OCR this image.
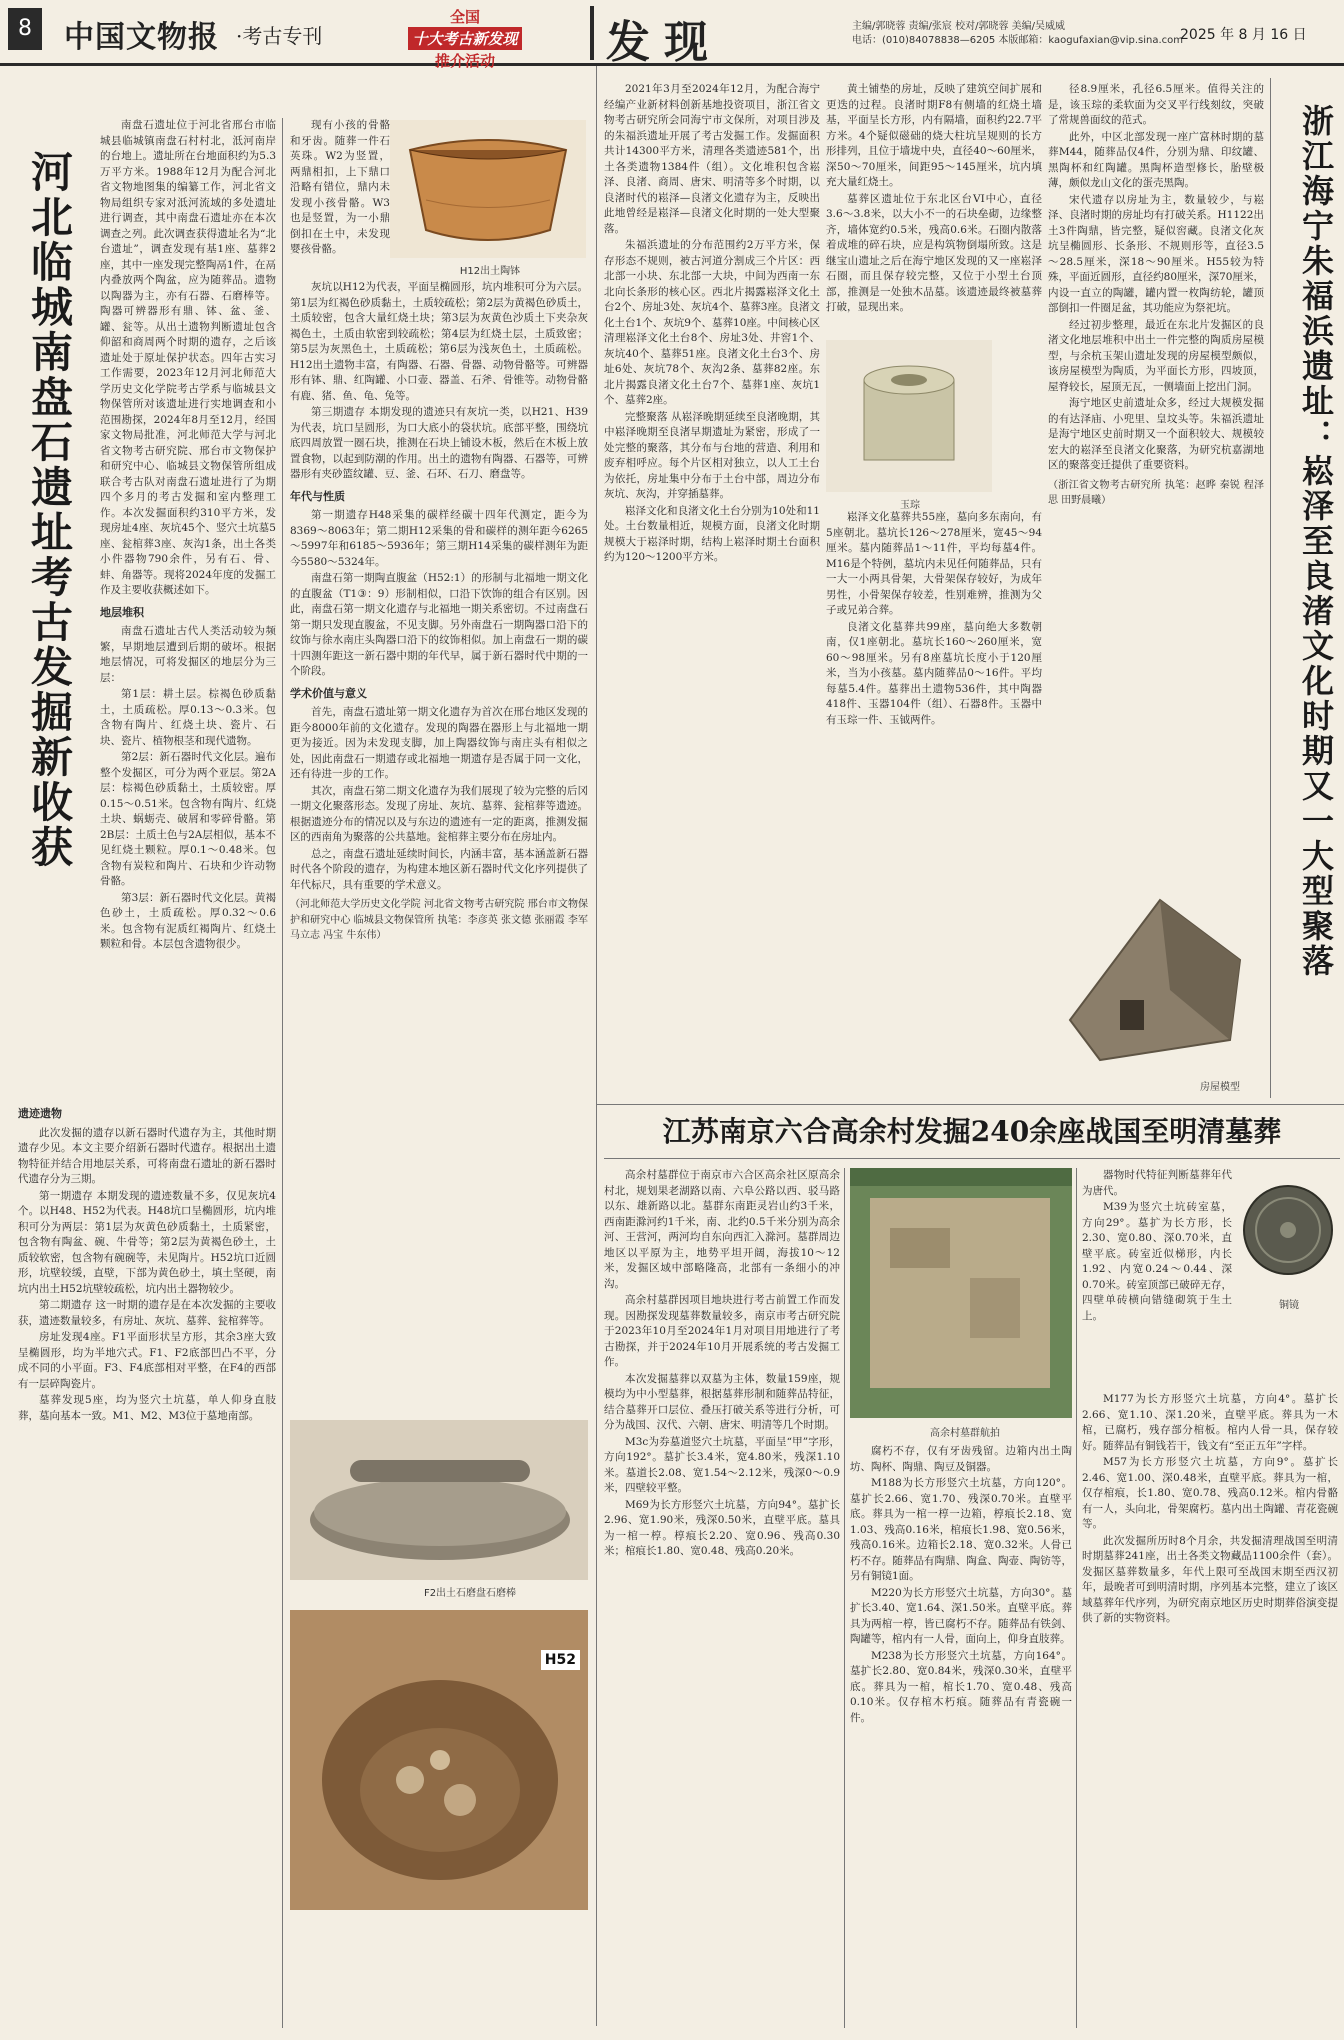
8	中国文物报 ·考古专刊
全国
十大考古新发现
推介活动	发现	主编/郭晓蓉 责编/张宸 校对/郭晓蓉 美编/吴威威
电话：(010)84078838—6205 本版邮箱：kaogufaxian@vip.sina.com
2025 年 8 月 16 日
河北临城南盘石遗址考古发掘新收获

南盘石遗址位于河北省邢台市临城县临城镇南盘石村村北，泜河南岸的台地上。遗址所在台地面积约为5.3万平方米。1988年12月为配合河北省文物地图集的编纂工作，河北省文物局组织专家对泜河流域的多处遗址进行调查，其中南盘石遗址亦在本次调查之列。此次调查获得遗址名为“北台遗址”，调查发现有基1座、墓葬2座，其中一座发现完整陶鬲1件，在鬲内叠放两个陶盆，应为随葬品。遗物以陶器为主，亦有石器、石磨棒等。陶器可辨器形有鼎、钵、盆、釜、罐、瓮等。从出土遗物判断遗址包含仰韶和商周两个时期的遗存，之后该遗址处于原址保护状态。四年古实习工作需要，2023年12月河北师范大学历史文化学院考古学系与临城县文物保管所对该遗址进行实地调查和小范围勘探，2024年8月至12月，经国家文物局批准，河北师范大学与河北省文物考古研究院、邢台市文物保护和研究中心、临城县文物保管所组成联合考古队对南盘石遗址进行了为期四个多月的考古发掘和室内整理工作。本次发掘面积约310平方米，发现房址4座、灰坑45个、竖穴土坑墓5座、瓮棺葬3座、灰沟1条，出土各类小件器物790余件，另有石、骨、蚌、角器等。现将2024年度的发掘工作及主要收获概述如下。

地层堆积

南盘石遗址古代人类活动较为频繁，早期地层遭到后期的破坏。根据地层情况，可将发掘区的地层分为三层：

第1层：耕土层。棕褐色砂质黏土，土质疏松。厚0.13～0.3米。包含物有陶片、红烧土块、瓷片、石块、瓷片、植物根茎和现代遗物。

第2层：新石器时代文化层。遍布整个发掘区，可分为两个亚层。第2A层：棕褐色砂质黏土，土质较密。厚0.15～0.51米。包含物有陶片、红烧土块、蜗蛎壳、破屑和零碎骨骼。第2B层：土质土色与2A层相似，基本不见红烧土颗粒。厚0.1～0.48米。包含物有炭粒和陶片、石块和少许动物骨骼。

第3层：新石器时代文化层。黄褐色砂土，土质疏松。厚0.32～0.6米。包含物有泥质红褐陶片、红烧土颗粒和骨。本层包含遗物很少。

遗迹遗物

此次发掘的遗存以新石器时代遗存为主，其他时期遗存少见。本文主要介绍新石器时代遗存。根据出土遗物特征并结合用地层关系，可将南盘石遗址的新石器时代遗存分为三期。

第一期遗存 本期发现的遗迹数量不多，仅见灰坑4个。以H48、H52为代表。H48坑口呈椭圆形，坑内堆积可分为两层：第1层为灰黄色砂质黏土，土质紧密，包含物有陶盆、碗、牛骨等；第2层为黄褐色砂土，土质较软密，包含物有碗碗等，未见陶片。H52坑口近圆形，坑壁较缓，直壁，下部为黄色砂土，填土坚硬，南坑内出土H52坑壁较疏松，坑内出土器物较少。

第二期遗存 这一时期的遗存是在本次发掘的主要收获，遗迹数量较多，有房址、灰坑、墓葬、瓮棺葬等。

房址发现4座。F1平面形状呈方形，其余3座大致呈椭圆形，均为半地穴式。F1、F2底部凹凸不平，分成不同的小平面。F3、F4底部相对平整，在F4的西部有一层碎陶瓷片。

墓葬发现5座，均为竖穴土坑墓，单人仰身直肢葬，墓向基本一致。M1、M2、M3位于墓地南部。

H12出土陶钵

现有小孩的骨骼和牙齿。随葬一件石英珠。W2为竖置，两鼎相扣，上下鼎口沿略有错位，鼎内未发现小孩骨骼。W3也是竖置，为一小鼎倒扣在土中，未发现婴孩骨骼。

灰坑以H12为代表，平面呈椭圆形，坑内堆积可分为六层。第1层为红褐色砂质黏土，土质较疏松；第2层为黄褐色砂质土，土质较密，包含大量红烧土块；第3层为灰黄色沙质土下夹杂灰褐色土，土质由软密到较疏松；第4层为红烧土层，土质致密；第5层为灰黑色土，土质疏松；第6层为浅灰色土，土质疏松。H12出土遗物丰富，有陶器、石器、骨器、动物骨骼等。可辨器形有钵、鼎、红陶罐、小口壶、器盖、石斧、骨锥等。动物骨骼有鹿、猪、鱼、龟、兔等。

第三期遗存 本期发现的遗迹只有灰坑一类，以H21、H39为代表，坑口呈圆形，为口大底小的袋状坑。底部平整，围绕坑底四周放置一圈石块，推测在石块上铺设木板，然后在木板上放置食物，以起到防潮的作用。出土的遗物有陶器、石器等，可辨器形有夹砂篮纹罐、豆、釜、石环、石刀、磨盘等。

年代与性质

第一期遗存H48采集的碳样经碳十四年代测定，距今为8369～8063年；第二期H12采集的骨和碳样的测年距今6265～5997年和6185～5936年；第三期H14采集的碳样测年为距今5580～5324年。

南盘石第一期陶直腹盆（H52:1）的形制与北福地一期文化的直腹盆（T1③：9）形制相似，口沿下饮饰的组合有区别。因此，南盘石第一期文化遗存与北福地一期关系密切。不过南盘石第一期只发现直腹盆，不见支脚。另外南盘石一期陶器口沿下的纹饰与徐水南庄头陶器口沿下的纹饰相似。加上南盘石一期的碳十四测年距这一新石器中期的年代早，属于新石器时代中期的一个阶段。

学术价值与意义

首先，南盘石遗址第一期文化遗存为首次在邢台地区发现的距今8000年前的文化遗存。发现的陶器在器形上与北福地一期更为接近。因为未发现支脚，加上陶器纹饰与南庄头有相似之处，因此南盘石一期遗存或北福地一期遗存是否属于同一文化，还有待进一步的工作。

其次，南盘石第二期文化遗存为我们展现了较为完整的后冈一期文化聚落形态。发现了房址、灰坑、墓葬、瓮棺葬等遗迹。根据遗迹分布的情况以及与东边的遗迹有一定的距离，推测发掘区的西南角为聚落的公共墓地。瓮棺葬主要分布在房址内。

总之，南盘石遗址延续时间长，内涵丰富，基本涵盖新石器时代各个阶段的遗存，为构建本地区新石器时代文化序列提供了年代标尺，具有重要的学术意义。

（河北师范大学历史文化学院 河北省文物考古研究院 邢台市文物保护和研究中心 临城县文物保管所 执笔：李彦英 张文德 张丽霞 李军 马立志 冯宝 牛东伟）

F2出土石磨盘石磨棒
H52

2021年3月至2024年12月，为配合海宁经编产业新材料创新基地投资项目，浙江省文物考古研究所会同海宁市文保所，对项目涉及的朱福浜遗址开展了考古发掘工作。发掘面积共计14300平方米，清理各类遗迹581个，出土各类遗物1384件（组）。文化堆积包含崧泽、良渚、商周、唐宋、明清等多个时期，以良渚时代的崧泽—良渚文化遗存为主，反映出此地曾经是崧泽—良渚文化时期的一处大型聚落。

朱福浜遗址的分布范围约2万平方米，保存形态不规则，被古河道分割成三个片区：西北部一小块、东北部一大块，中间为西南一东北向长条形的核心区。西北片揭露崧泽文化土台2个、房址3处、灰坑4个、墓葬3座。良渚文化土台1个、灰坑9个、墓葬10座。中间核心区清理崧泽文化土台8个、房址3处、井窖1个、灰坑40个、墓葬51座。良渚文化土台3个、房址6处、灰坑78个、灰沟2条、墓葬82座。东北片揭露良渚文化土台7个、墓葬1座、灰坑1个、墓葬2座。

完整聚落 从崧泽晚期延续至良渚晚期，其中崧泽晚期至良渚早期遗址为紧密，形成了一处完整的聚落，其分布与台地的营造、利用和废弃相呼应。每个片区相对独立，以人工土台为依托，房址集中分布于土台中部，周边分布灰坑、灰沟，并穿插墓葬。

崧泽文化和良渚文化土台分别为10处和11处。土台数量相近，规模方面，良渚文化时期规模大于崧泽时期，结构上崧泽时期土台面积约为120～1200平方米。

玉琮

黄土铺垫的房址，反映了建筑空间扩展和更迭的过程。良渚时期F8有侧墙的红烧土墙基，平面呈长方形，内有隔墙，面积约22.7平方米。4个疑似磁础的烧大柱坑呈规则的长方形排列，且位于墙垅中央，直径40～60厘米，深50～70厘米，间距95～145厘米，坑内填充大量红烧土。

墓葬区遗址位于东北区台VI中心，直径3.6～3.8米，以大小不一的石块垒砌，边缘整齐，墙体宽约0.5米，残高0.6米。石圈内散落着成堆的碎石块，应是构筑物倒塌所致。这是继宝山遗址之后在海宁地区发现的又一座崧泽石圈，而且保存较完整，又位于小型土台顶部，推测是一处独木品墓。该遗迹最终被墓葬打破，显现出来。

崧泽文化墓葬共55座，墓向多东南向，有5座朝北。墓坑长126～278厘米，宽45～94厘米。墓内随葬品1～11件，平均每墓4件。M16是个特例，墓坑内未见任何随葬品，只有一大一小两具骨架，大骨架保存较好，为成年男性，小骨架保存较差，性别难辨，推测为父子或兄弟合葬。

良渚文化墓葬共99座，墓向绝大多数朝南，仅1座朝北。墓坑长160～260厘米，宽60～98厘米。另有8座墓坑长度小于120厘米，当为小孩墓。墓内随葬品0～16件。平均每墓5.4件。墓葬出土遗物536件，其中陶器418件、玉器104件（组）、石器8件。玉器中有玉琮一件、玉钺两件。

径8.9厘米，孔径6.5厘米。值得关注的是，该玉琮的柔软面为交叉平行线刻纹，突破了常规兽面纹的范式。

此外，中区北部发现一座广富林时期的墓葬M44，随葬品仅4件，分别为鼎、印纹罐、黑陶杯和红陶罐。黑陶杯造型修长，胎壁极薄，颇似龙山文化的蛋壳黑陶。

宋代遗存以房址为主，数量较少，与崧泽、良渚时期的房址均有打破关系。H1122出土3件陶鼎，皆完整，疑似窖藏。良渚文化灰坑呈椭圆形、长条形、不规则形等，直径3.5～28.5厘米，深18～90厘米。H55较为特殊，平面近圆形，直径约80厘米，深70厘米，内设一直立的陶罐，罐内置一枚陶纺轮，罐顶部倒扣一件圈足盆，其功能应为祭祀坑。

经过初步整理，最近在东北片发掘区的良渚文化地层堆积中出土一件完整的陶质房屋模型，与余杭玉架山遗址发现的房屋模型颇似，该房屋模型为陶质，为平面长方形，四坡顶，屋脊较长，屋顶无瓦，一侧墙面上挖出门洞。

海宁地区史前遗址众多，经过大规模发掘的有达泽庙、小兜里、皇坟头等。朱福浜遗址是海宁地区史前时期又一个面积较大、规模较宏大的崧泽至良渚文化聚落，为研究杭嘉湖地区的聚落变迁提供了重要资料。

（浙江省文物考古研究所 执笔：赵晔 秦锐 程泽思 田野晨曦）

房屋模型
浙江海宁朱福浜遗址：崧泽至良渚文化时期又一大型聚落
江苏南京六合高余村发掘240余座战国至明清墓葬

高余村墓群位于南京市六合区高余社区原高余村北，规划果老湖路以南、六阜公路以西、驳马路以东、雄新路以北。墓群东南距灵岩山约3千米，西南距滁河约1千米，南、北约0.5千米分别为高余河、王营河，两河均自东向西汇入滁河。墓群周边地区以平原为主，地势平坦开阔，海拔10～12米，发掘区域中部略隆高，北部有一条细小的冲沟。

高余村墓群因项目地块进行考古前置工作而发现。因勘探发现墓葬数量较多，南京市考古研究院于2023年10月至2024年1月对项目用地进行了考古勘探，并于2024年10月开展系统的考古发掘工作。

本次发掘墓葬以双墓为主体，数量159座，规模均为中小型墓葬，根据墓葬形制和随葬品特征，结合墓葬开口层位、叠压打破关系等进行分析，可分为战国、汉代、六朝、唐宋、明清等几个时期。

M3c为券墓道竖穴土坑墓，平面呈“甲”字形，方向192°。墓扩长3.4米，宽4.80米，残深1.10米。墓道长2.08、宽1.54～2.12米，残深0～0.9米，四壁较平整。

M69为长方形竖穴土坑墓，方向94°。墓扩长2.96、宽1.90米，残深0.50米，直壁平底。墓具为一棺一椁。椁痕长2.20、宽0.96、残高0.30米；棺痕长1.80、宽0.48、残高0.20米。

高余村墓群航拍

腐朽不存，仅有牙齿残留。边箱内出土陶坊、陶杯、陶鼎、陶豆及铜器。

M188为长方形竖穴土坑墓，方向120°。墓扩长2.66、宽1.70、残深0.70米。直壁平底。葬具为一棺一椁一边箱，椁痕长2.18、宽1.03、残高0.16米，棺痕长1.98、宽0.56米，残高0.16米。边箱长2.18、宽0.32米。人骨已朽不存。随葬品有陶鼎、陶盒、陶壶、陶钫等，另有铜镜1面。

M220为长方形竖穴土坑墓，方向30°。墓扩长3.40、宽1.64、深1.50米。直壁平底。葬具为两棺一椁，皆已腐朽不存。随葬品有铁剑、陶罐等，棺内有一人骨，面向上，仰身直肢葬。

M238为长方形竖穴土坑墓，方向164°。墓扩长2.80、宽0.84米，残深0.30米，直壁平底。葬具为一棺，棺长1.70、宽0.48、残高0.10米。仅存棺木朽痕。随葬品有青瓷碗一件。

铜镜

器物时代特征判断墓葬年代为唐代。

M39为竖穴土坑砖室墓，方向29°。墓扩为长方形，长2.30、宽0.80、深0.70米，直壁平底。砖室近似梯形，内长1.92、内宽0.24～0.44、深0.70米。砖室顶部已破碎无存，四壁单砖横向错缝砌筑于生土上。

M177为长方形竖穴土坑墓，方向4°。墓扩长2.66、宽1.10、深1.20米，直壁平底。葬具为一木棺，已腐朽，残存部分棺板。棺内人骨一具，保存较好。随葬品有铜钱若干，钱文有“至正五年”字样。

M57为长方形竖穴土坑墓，方向9°。墓扩长2.46、宽1.00、深0.48米，直壁平底。葬具为一棺，仅存棺痕，长1.80、宽0.78、残高0.12米。棺内骨骼有一人，头向北，骨架腐朽。墓内出土陶罐、青花瓷碗等。

此次发掘所历时8个月余，共发掘清理战国至明清时期墓葬241座，出土各类文物藏品1100余件（套）。发掘区墓葬数量多，年代上限可至战国末期至西汉初年，最晚者可到明清时期，序列基本完整，建立了该区域墓葬年代序列，为研究南京地区历史时期葬俗演变提供了新的实物资料。
